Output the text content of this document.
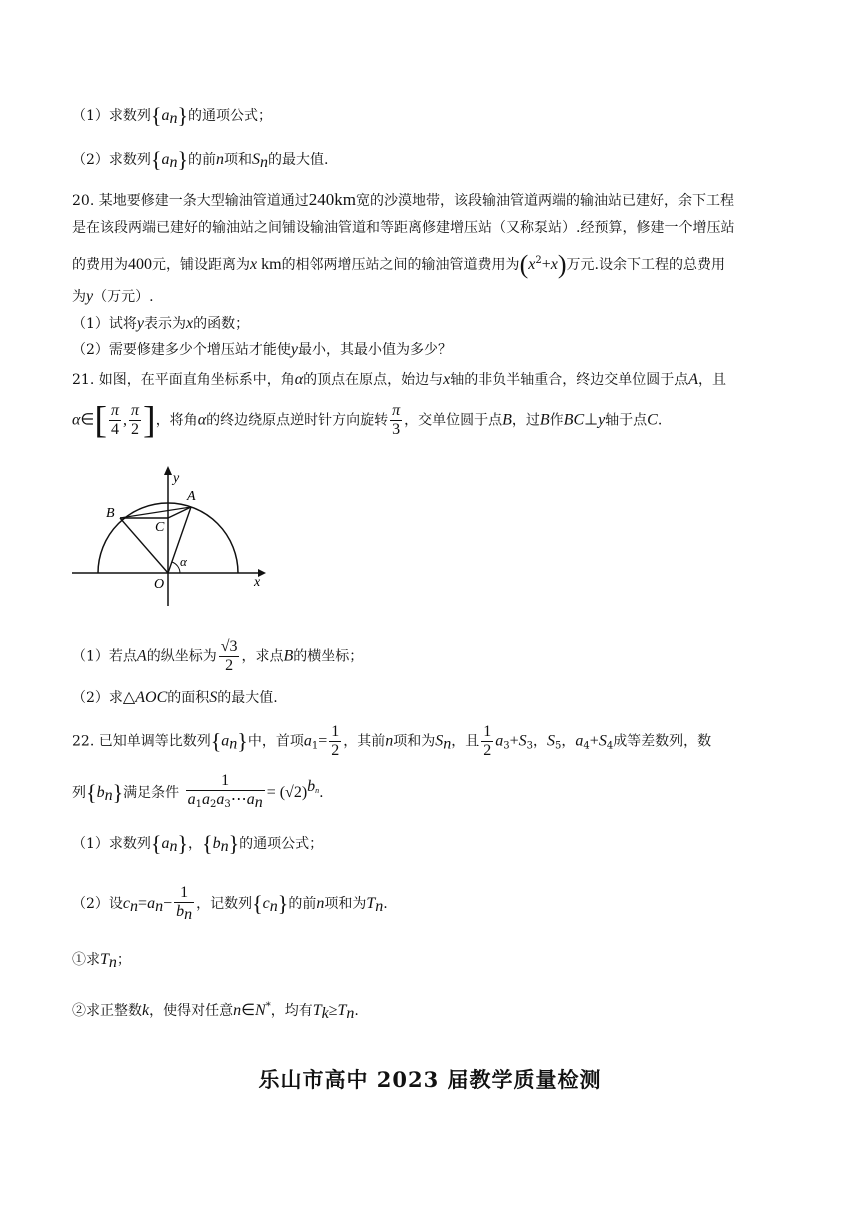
（1）求数列$\{a_n\}$的通项公式；
（2）求数列$\{a_n\}$的前n项和$S_n$的最大值.
20. 某地要修建一条大型输油管道通过240km宽的沙漠地带，该段输油管道两端的输油站已建好，余下工程
是在该段两端已建好的输油站之间铺设输油管道和等距离修建增压站（又称泵站）.经预算，修建一个增压站
的费用为400元，铺设距离为x km的相邻两增压站之间的输油管道费用为$(x^2+x)$万元.设余下工程的总费用
为y（万元）.
（1）试将y表示为x的函数；
（2）需要修建多少个增压站才能使y最小，其最小值为多少？
21. 如图，在平面直角坐标系中，角α的顶点在原点，始边与x轴的非负半轴重合，终边交单位圆于点A，且
α∈[ $\frac{\pi}{4}$ , $\frac{\pi}{2}$ ]，将角α的终边绕原点逆时针方向旋转 $\frac{\pi}{3}$ ，交单位圆于点B，过B作BC⊥y轴于点C.
y
A
B
C
α
O	x
（1）若点A的纵坐标为 $\frac{√3}{2}$ ，求点B的横坐标；
（2）求△AOC的面积S的最大值.
22. 已知单调等比数列$\{a_n\}$中，首项$a_1= \frac{1}{2}$ ，其前n项和为$S_n$，且 $\frac{1}{2} a_3+S_3$，$S_5$，$a_4+S_4$成等差数列，数
列$\{b_n\}$满足条件 $\frac{1}{a_1a_2a_3\cdots a_n} = (√2)^b_n$.
（1）求数列$\{a_n\}$，$\{b_n\}$的通项公式；
（2）设$c_n=a_n- \frac{1}{b_n}$ ，记数列$\{c_n\}$的前n项和为$T_n$.
①求$T_n$；
②求正整数k，使得对任意n∈N*，均有$T_k\ge T_n$.
乐山市高中 2023 届教学质量检测
